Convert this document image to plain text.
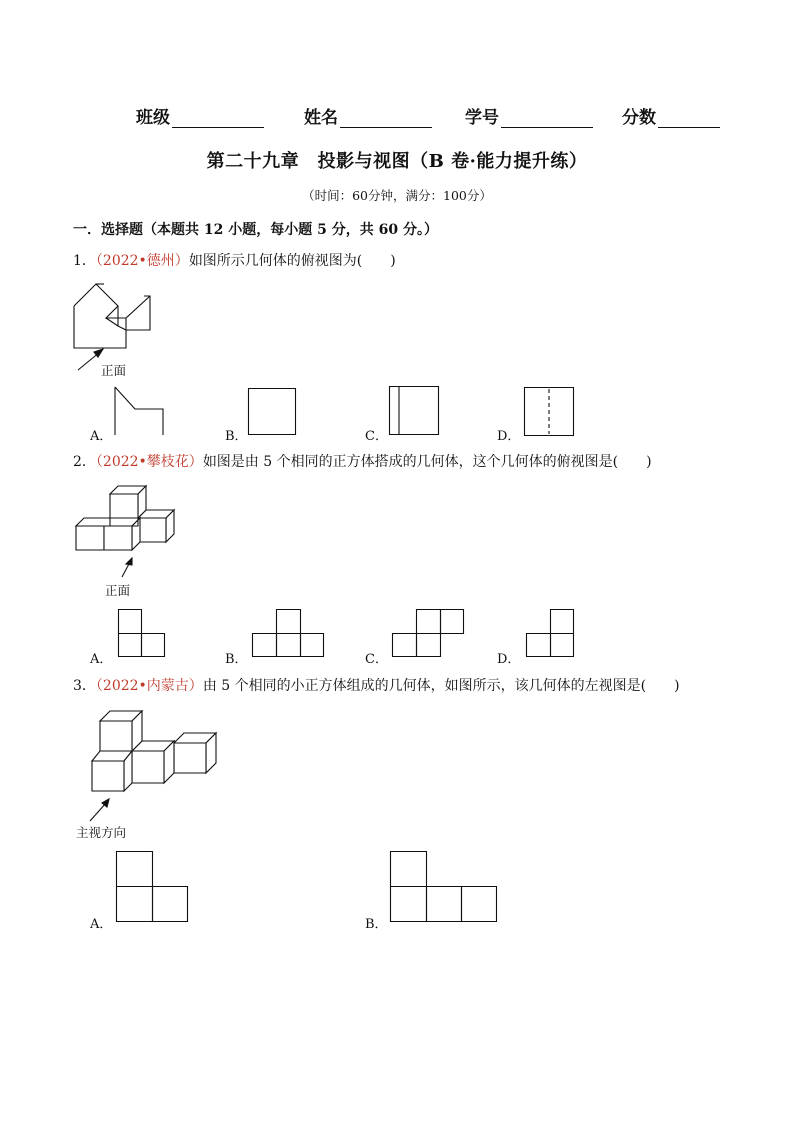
班级	姓名	学号	分数
第二十九章　投影与视图（B 卷·能力提升练）
（时间：60分钟，满分：100分）
一．选择题（本题共 12 小题，每小题 5 分，共 60 分。）
1．（2022•德州）如图所示几何体的俯视图为(　　)
正面
A．	B．	C．	D．
2．（2022•攀枝花）如图是由 5 个相同的正方体搭成的几何体，这个几何体的俯视图是(　　)
正面
A．	B．	C．	D．
3．（2022•内蒙古）由 5 个相同的小正方体组成的几何体，如图所示，该几何体的左视图是(　　)
主视方向
A．	B．
